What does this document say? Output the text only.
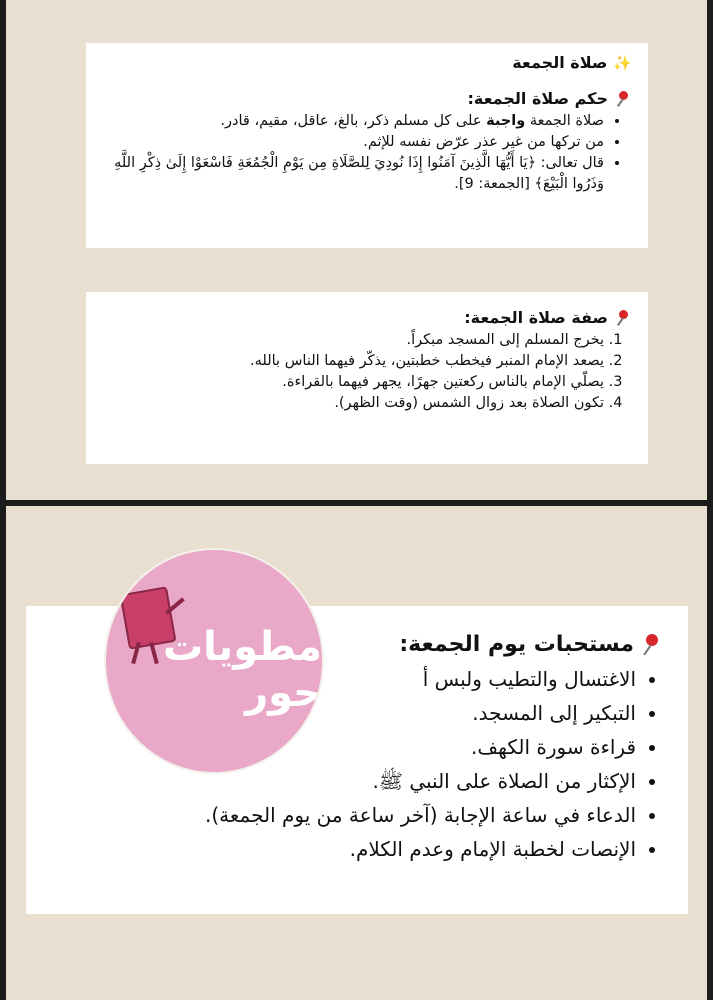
✨
صلاة الجمعة
حكم صلاة الجمعة:
• صلاة الجمعة واجبة على كل مسلم ذكر، بالغ، عاقل، مقيم، قادر.
• من تركها من غير عذر عرّض نفسه للإثم.
• قال تعالى: ﴿يَا أَيُّهَا الَّذِينَ آمَنُوا إِذَا نُودِيَ لِلصَّلَاةِ مِن يَوْمِ الْجُمُعَةِ فَاسْعَوْا إِلَىٰ ذِكْرِ اللَّهِ وَذَرُوا الْبَيْعَ﴾ [الجمعة: 9].
صفة صلاة الجمعة:
1. يخرج المسلم إلى المسجد مبكراً.
2. يصعد الإمام المنبر فيخطب خطبتين، يذكّر فيهما الناس بالله.
3. يصلّي الإمام بالناس ركعتين جهرًا، يجهر فيهما بالقراءة.
4. تكون الصلاة بعد زوال الشمس (وقت الظهر).
مستحبات يوم الجمعة:
• الاغتسال والتطيب ولبس أ
• التبكير إلى المسجد.
• قراءة سورة الكهف.
• الإكثار من الصلاة على النبي ﷺ.
• الدعاء في ساعة الإجابة (آخر ساعة من يوم الجمعة).
• الإنصات لخطبة الإمام وعدم الكلام.
مطويات
حور
